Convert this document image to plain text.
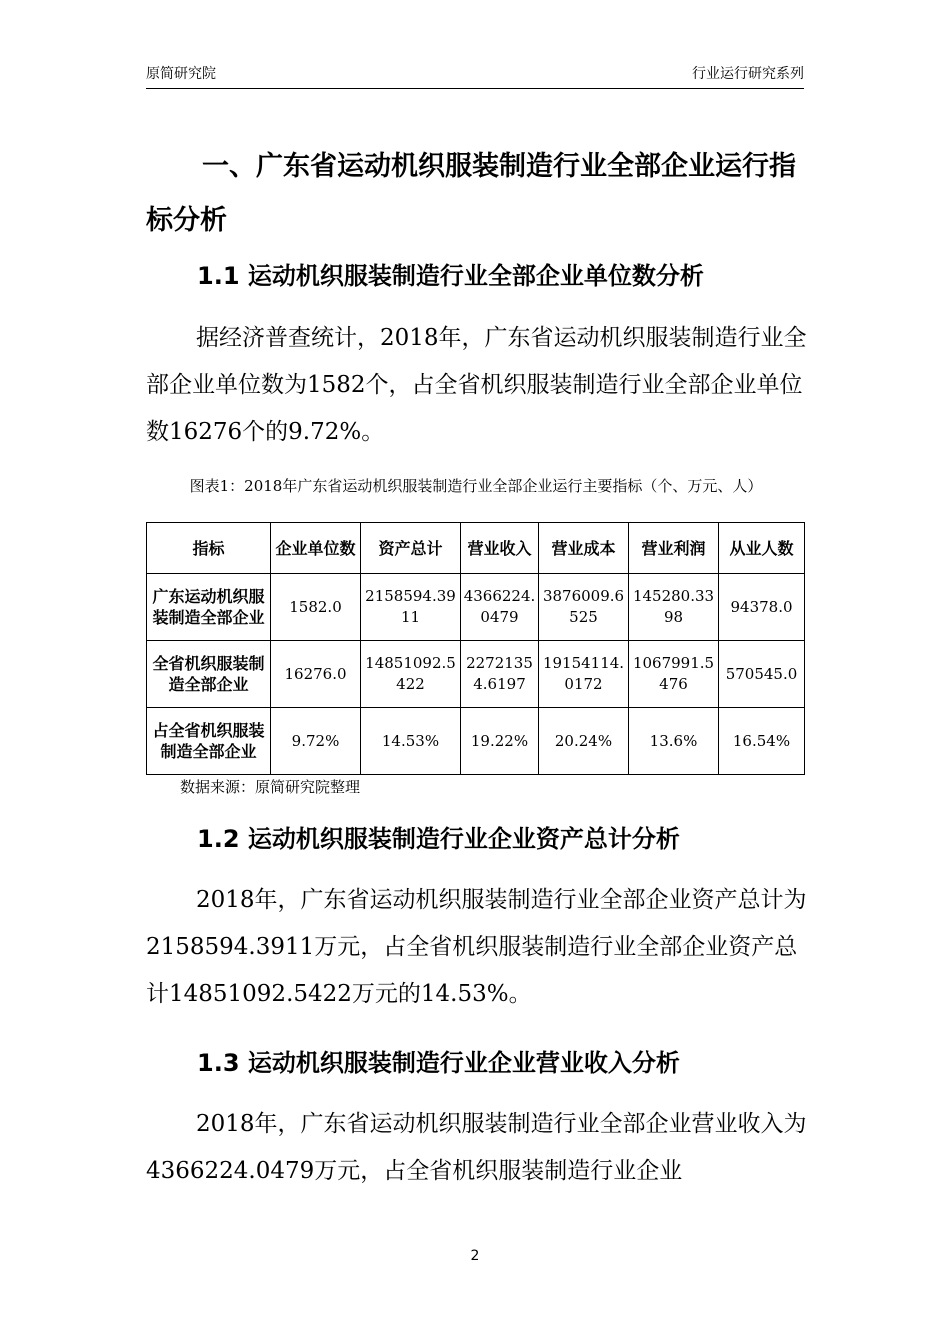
原简研究院	行业运行研究系列
一、广东省运动机织服装制造行业全部企业运行指标分析
1.1 运动机织服装制造行业全部企业单位数分析

据经济普查统计，2018年，广东省运动机织服装制造行业全部企业单位数为1582个，占全省机织服装制造行业全部企业单位数16276个的9.72%。

图表1：2018年广东省运动机织服装制造行业全部企业运行主要指标（个、万元、人）
指标	企业单位数	资产总计	营业收入	营业成本	营业利润	从业人数
广东运动机织服装制造全部企业	1582.0	2158594.3911	4366224.0479	3876009.6525	145280.3398	94378.0
全省机织服装制造全部企业	16276.0	14851092.5422	22721354.6197	19154114.0172	1067991.5476	570545.0
占全省机织服装制造全部企业	9.72%	14.53%	19.22%	20.24%	13.6%	16.54%
数据来源：原简研究院整理
1.2 运动机织服装制造行业企业资产总计分析

2018年，广东省运动机织服装制造行业全部企业资产总计为2158594.3911万元，占全省机织服装制造行业全部企业资产总计14851092.5422万元的14.53%。

1.3 运动机织服装制造行业企业营业收入分析

2018年，广东省运动机织服装制造行业全部企业营业收入为4366224.0479万元，占全省机织服装制造行业企业

2
